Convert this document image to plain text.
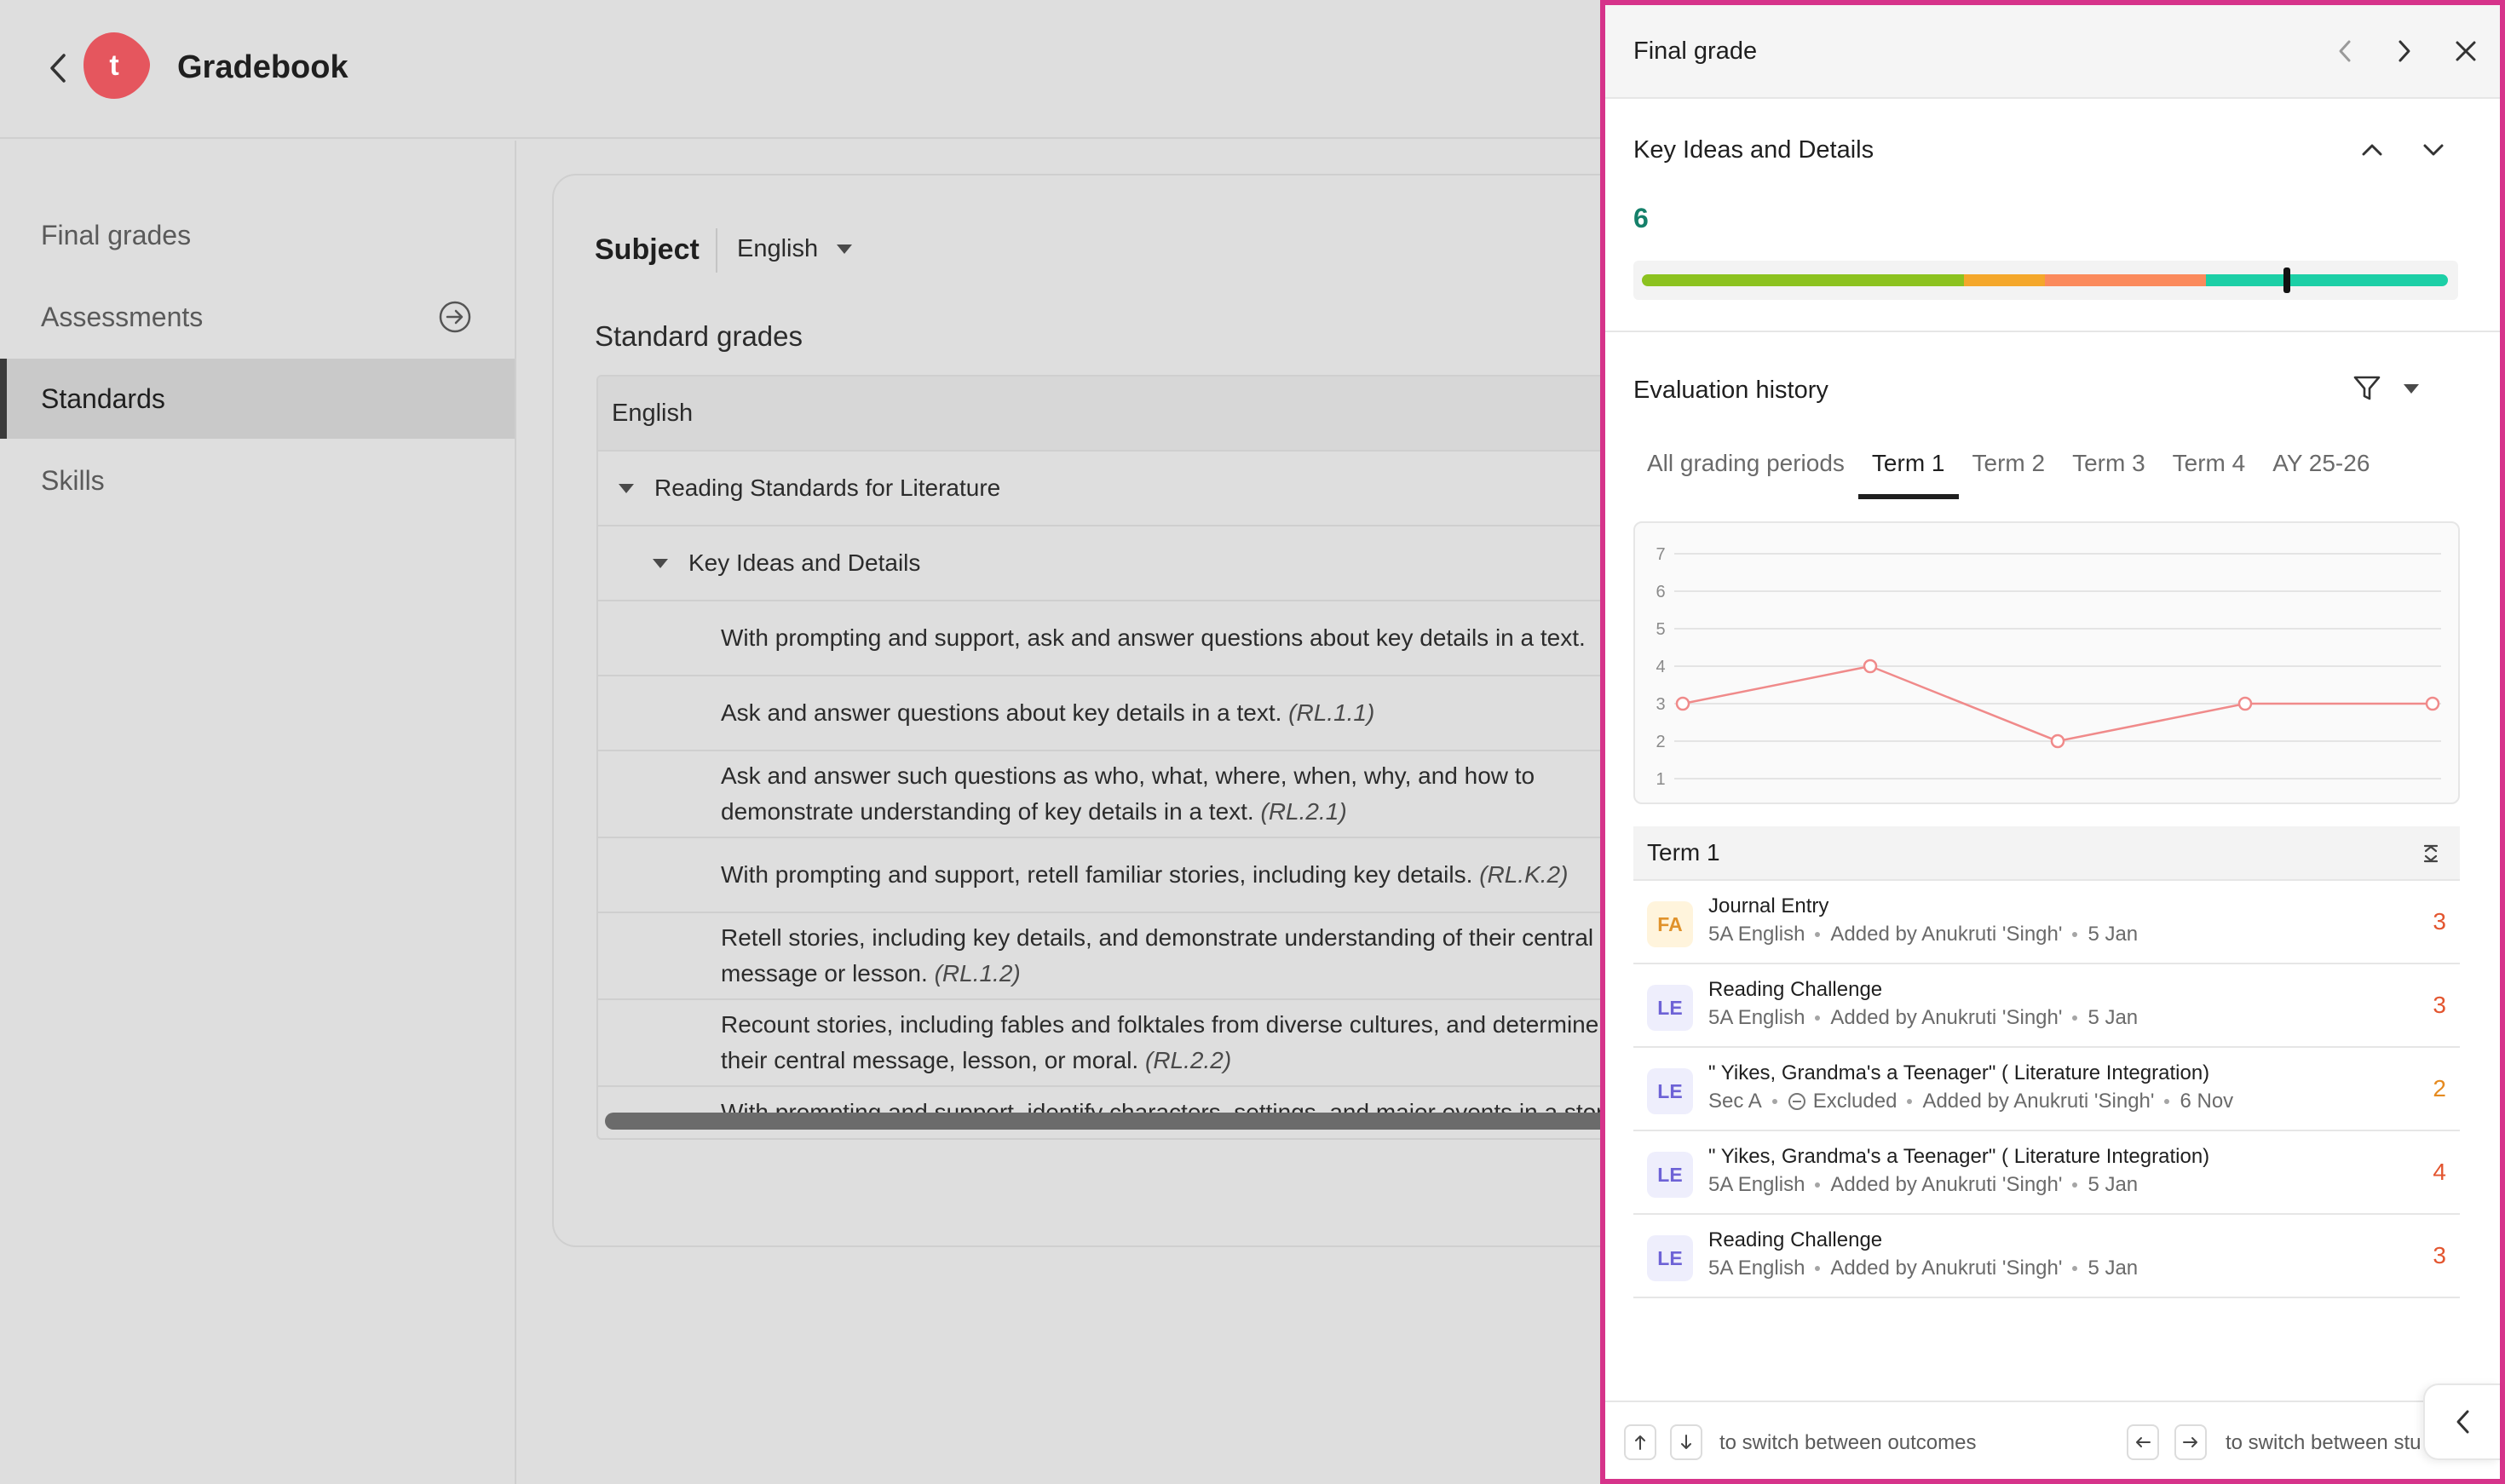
t Gradebook
Final grades
Assessments
Standards
Skills
Subject English
Standard grades
English
Reading Standards for Literature
Key Ideas and Details
With prompting and support, ask and answer questions about key details in a text.
Ask and answer questions about key details in a text. (RL.1.1)
Ask and answer such questions as who, what, where, when, why, and how to demonstrate understanding of key details in a text. (RL.2.1)
With prompting and support, retell familiar stories, including key details. (RL.K.2)
Retell stories, including key details, and demonstrate understanding of their central message or lesson. (RL.1.2)
Recount stories, including fables and folktales from diverse cultures, and determine their central message, lesson, or moral. (RL.2.2)
Final grade
Key Ideas and Details
6
Evaluation history
All grading periods	Term 1	Term 2	Term 3	Term 4	AY 25-26
1
2
3
4
5
6
7
Term 1
FA
Journal Entry
5A English Added by Anukruti 'Singh' 5 Jan	3
LE
Reading Challenge
5A English Added by Anukruti 'Singh' 5 Jan	3
LE
" Yikes, Grandma's a Teenager" ( Literature Integration)
Sec A	Excluded Added by Anukruti 'Singh' 6 Nov	2
LE
" Yikes, Grandma's a Teenager" ( Literature Integration)
5A English Added by Anukruti 'Singh' 5 Jan	4
LE
Reading Challenge
5A English Added by Anukruti 'Singh' 5 Jan	3
to switch between outcomes	to switch between stu
